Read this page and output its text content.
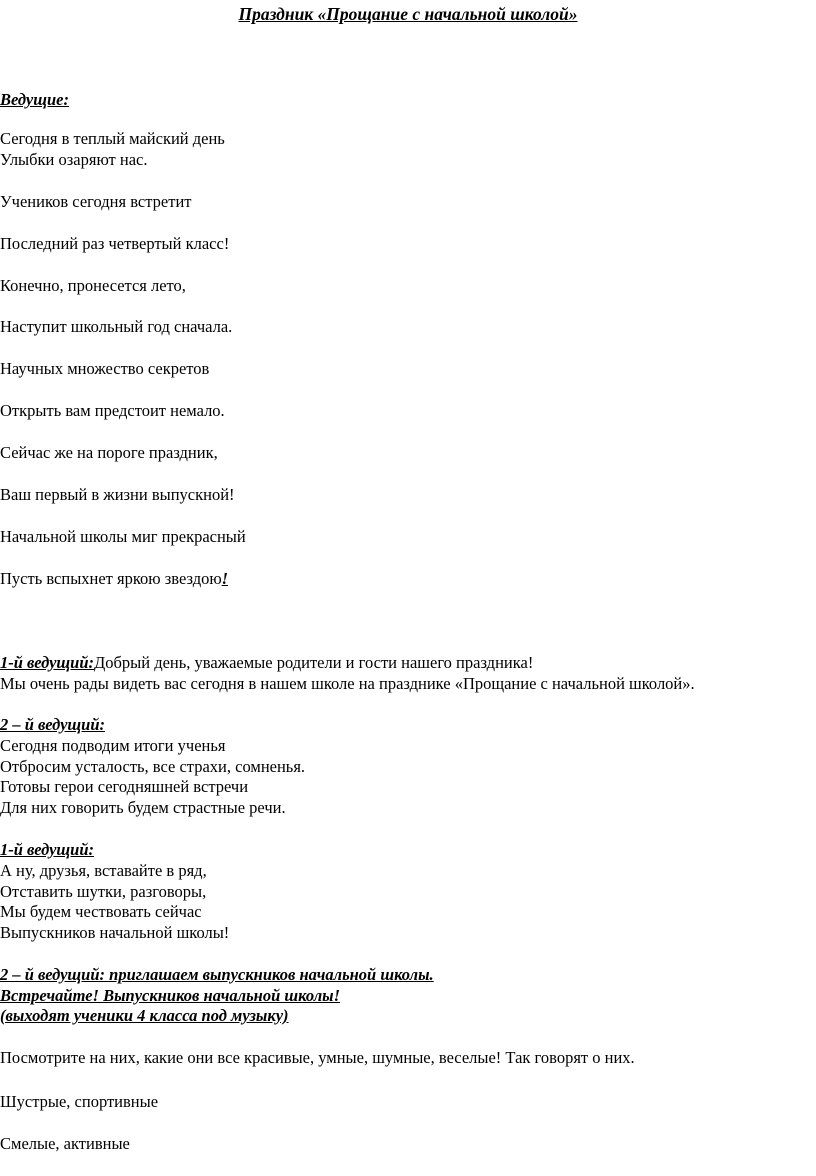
Праздник «Прощание с начальной школой»
Ведущие:
Сегодня в теплый майский день
Улыбки озаряют нас.
Учеников сегодня встретит
Последний раз четвертый класс!
Конечно, пронесется лето,
Наступит школьный год сначала.
Научных множество секретов
Открыть вам предстоит немало.
Сейчас же на пороге праздник,
Ваш первый в жизни выпускной!
Начальной школы миг прекрасный
Пусть вспыхнет яркою звездою!
1-й ведущий:Добрый день, уважаемые родители и гости нашего праздника!
Мы очень рады видеть вас сегодня в нашем школе на празднике «Прощание с начальной школой».
2 – й ведущий:
Сегодня подводим итоги ученья
Отбросим усталость, все страхи, сомненья.
Готовы герои сегодняшней встречи
Для них говорить будем страстные речи.
1-й ведущий:
А ну, друзья, вставайте в ряд,
Отставить шутки, разговоры,
Мы будем чествовать сейчас
Выпускников начальной школы!
2 – й ведущий: приглашаем выпускников начальной школы.
Встречайте! Выпускников начальной школы!
(выходят ученики 4 класса под музыку)
Посмотрите на них, какие они все красивые, умные, шумные, веселые! Так говорят о них.
Шустрые, спортивные
Смелые, активные
